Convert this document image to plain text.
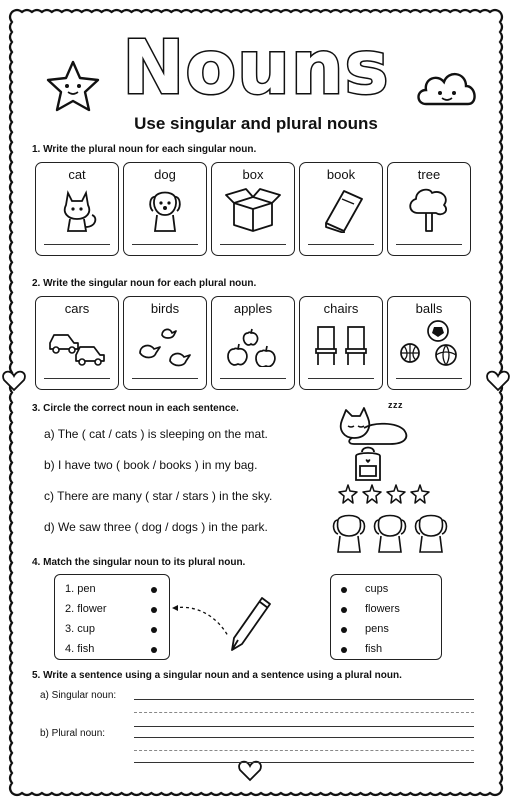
Nouns
Use singular and plural nouns
1. Write the plural noun for each singular noun.
cat	dog	box	book	tree
2. Write the singular noun for each plural noun.
cars	birds	apples	chairs	balls
3. Circle the correct noun in each sentence.
a) The ( cat / cats ) is sleeping on the mat.
b) I have two ( book / books ) in my bag.
c) There are many ( star / stars ) in the sky.
d) We saw three ( dog / dogs ) in the park.
z z z
4. Match the singular noun to its plural noun.
1. pen
2. flower
3. cup
4. fish
cups
flowers
pens
fish
5. Write a sentence using a singular noun and a sentence using a plural noun.
a) Singular noun:
b) Plural noun:
